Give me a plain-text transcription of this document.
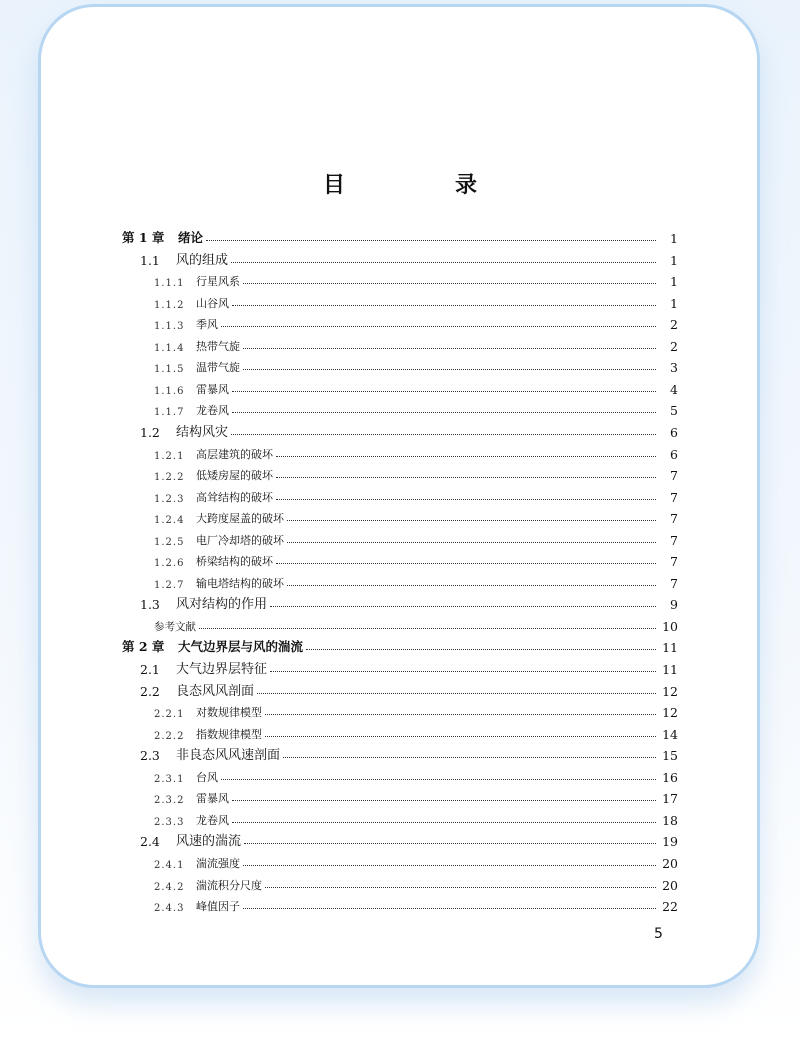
目　录
第 1 章	绪论	1
1.1	风的组成	1
1.1.1	行星风系	1
1.1.2	山谷风	1
1.1.3	季风	2
1.1.4	热带气旋	2
1.1.5	温带气旋	3
1.1.6	雷暴风	4
1.1.7	龙卷风	5
1.2	结构风灾	6
1.2.1	高层建筑的破坏	6
1.2.2	低矮房屋的破坏	7
1.2.3	高耸结构的破坏	7
1.2.4	大跨度屋盖的破坏	7
1.2.5	电厂冷却塔的破坏	7
1.2.6	桥梁结构的破坏	7
1.2.7	输电塔结构的破坏	7
1.3	风对结构的作用	9
参考文献	10
第 2 章	大气边界层与风的湍流	11
2.1	大气边界层特征	11
2.2	良态风风剖面	12
2.2.1	对数规律模型	12
2.2.2	指数规律模型	14
2.3	非良态风风速剖面	15
2.3.1	台风	16
2.3.2	雷暴风	17
2.3.3	龙卷风	18
2.4	风速的湍流	19
2.4.1	湍流强度	20
2.4.2	湍流积分尺度	20
2.4.3	峰值因子	22
5
